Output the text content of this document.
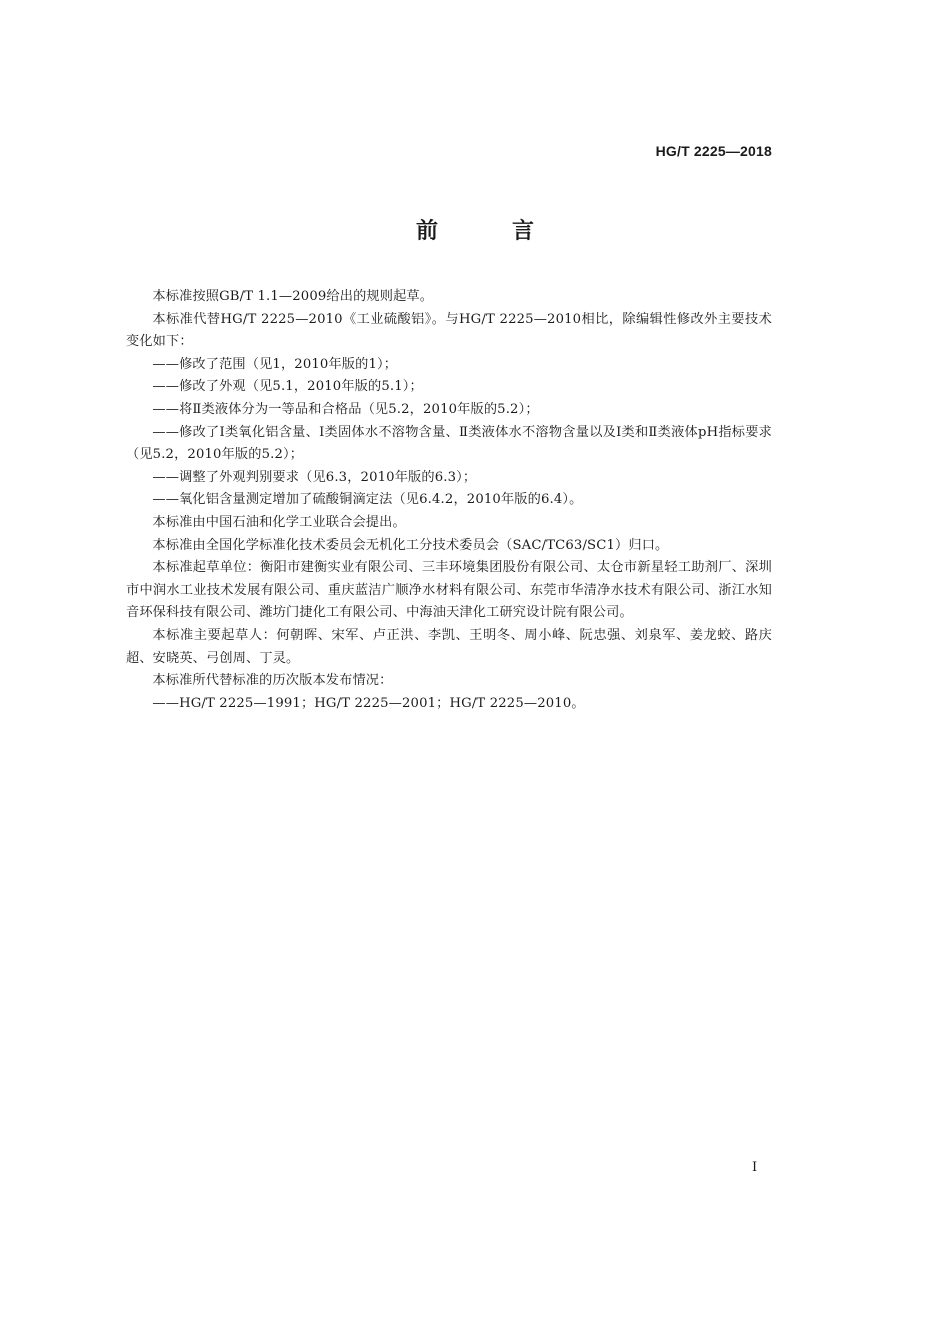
HG/T 2225—2018

前　言

本标准按照GB/T 1.1—2009给出的规则起草。

本标准代替HG/T 2225—2010《工业硫酸铝》。与HG/T 2225—2010相比，除编辑性修改外主要技术变化如下：

——修改了范围（见1，2010年版的1）；

——修改了外观（见5.1，2010年版的5.1）；

——将Ⅱ类液体分为一等品和合格品（见5.2，2010年版的5.2）；

——修改了Ⅰ类氧化铝含量、Ⅰ类固体水不溶物含量、Ⅱ类液体水不溶物含量以及Ⅰ类和Ⅱ类液体pH指标要求（见5.2，2010年版的5.2）；

——调整了外观判别要求（见6.3，2010年版的6.3）；

——氧化铝含量测定增加了硫酸铜滴定法（见6.4.2，2010年版的6.4）。

本标准由中国石油和化学工业联合会提出。

本标准由全国化学标准化技术委员会无机化工分技术委员会（SAC/TC63/SC1）归口。

本标准起草单位：衡阳市建衡实业有限公司、三丰环境集团股份有限公司、太仓市新星轻工助剂厂、深圳市中润水工业技术发展有限公司、重庆蓝洁广顺净水材料有限公司、东莞市华清净水技术有限公司、浙江水知音环保科技有限公司、潍坊门捷化工有限公司、中海油天津化工研究设计院有限公司。

本标准主要起草人：何朝晖、宋军、卢正洪、李凯、王明冬、周小峰、阮忠强、刘泉军、姜龙蛟、路庆超、安晓英、弓创周、丁灵。

本标准所代替标准的历次版本发布情况：

——HG/T 2225—1991；HG/T 2225—2001；HG/T 2225—2010。

I
